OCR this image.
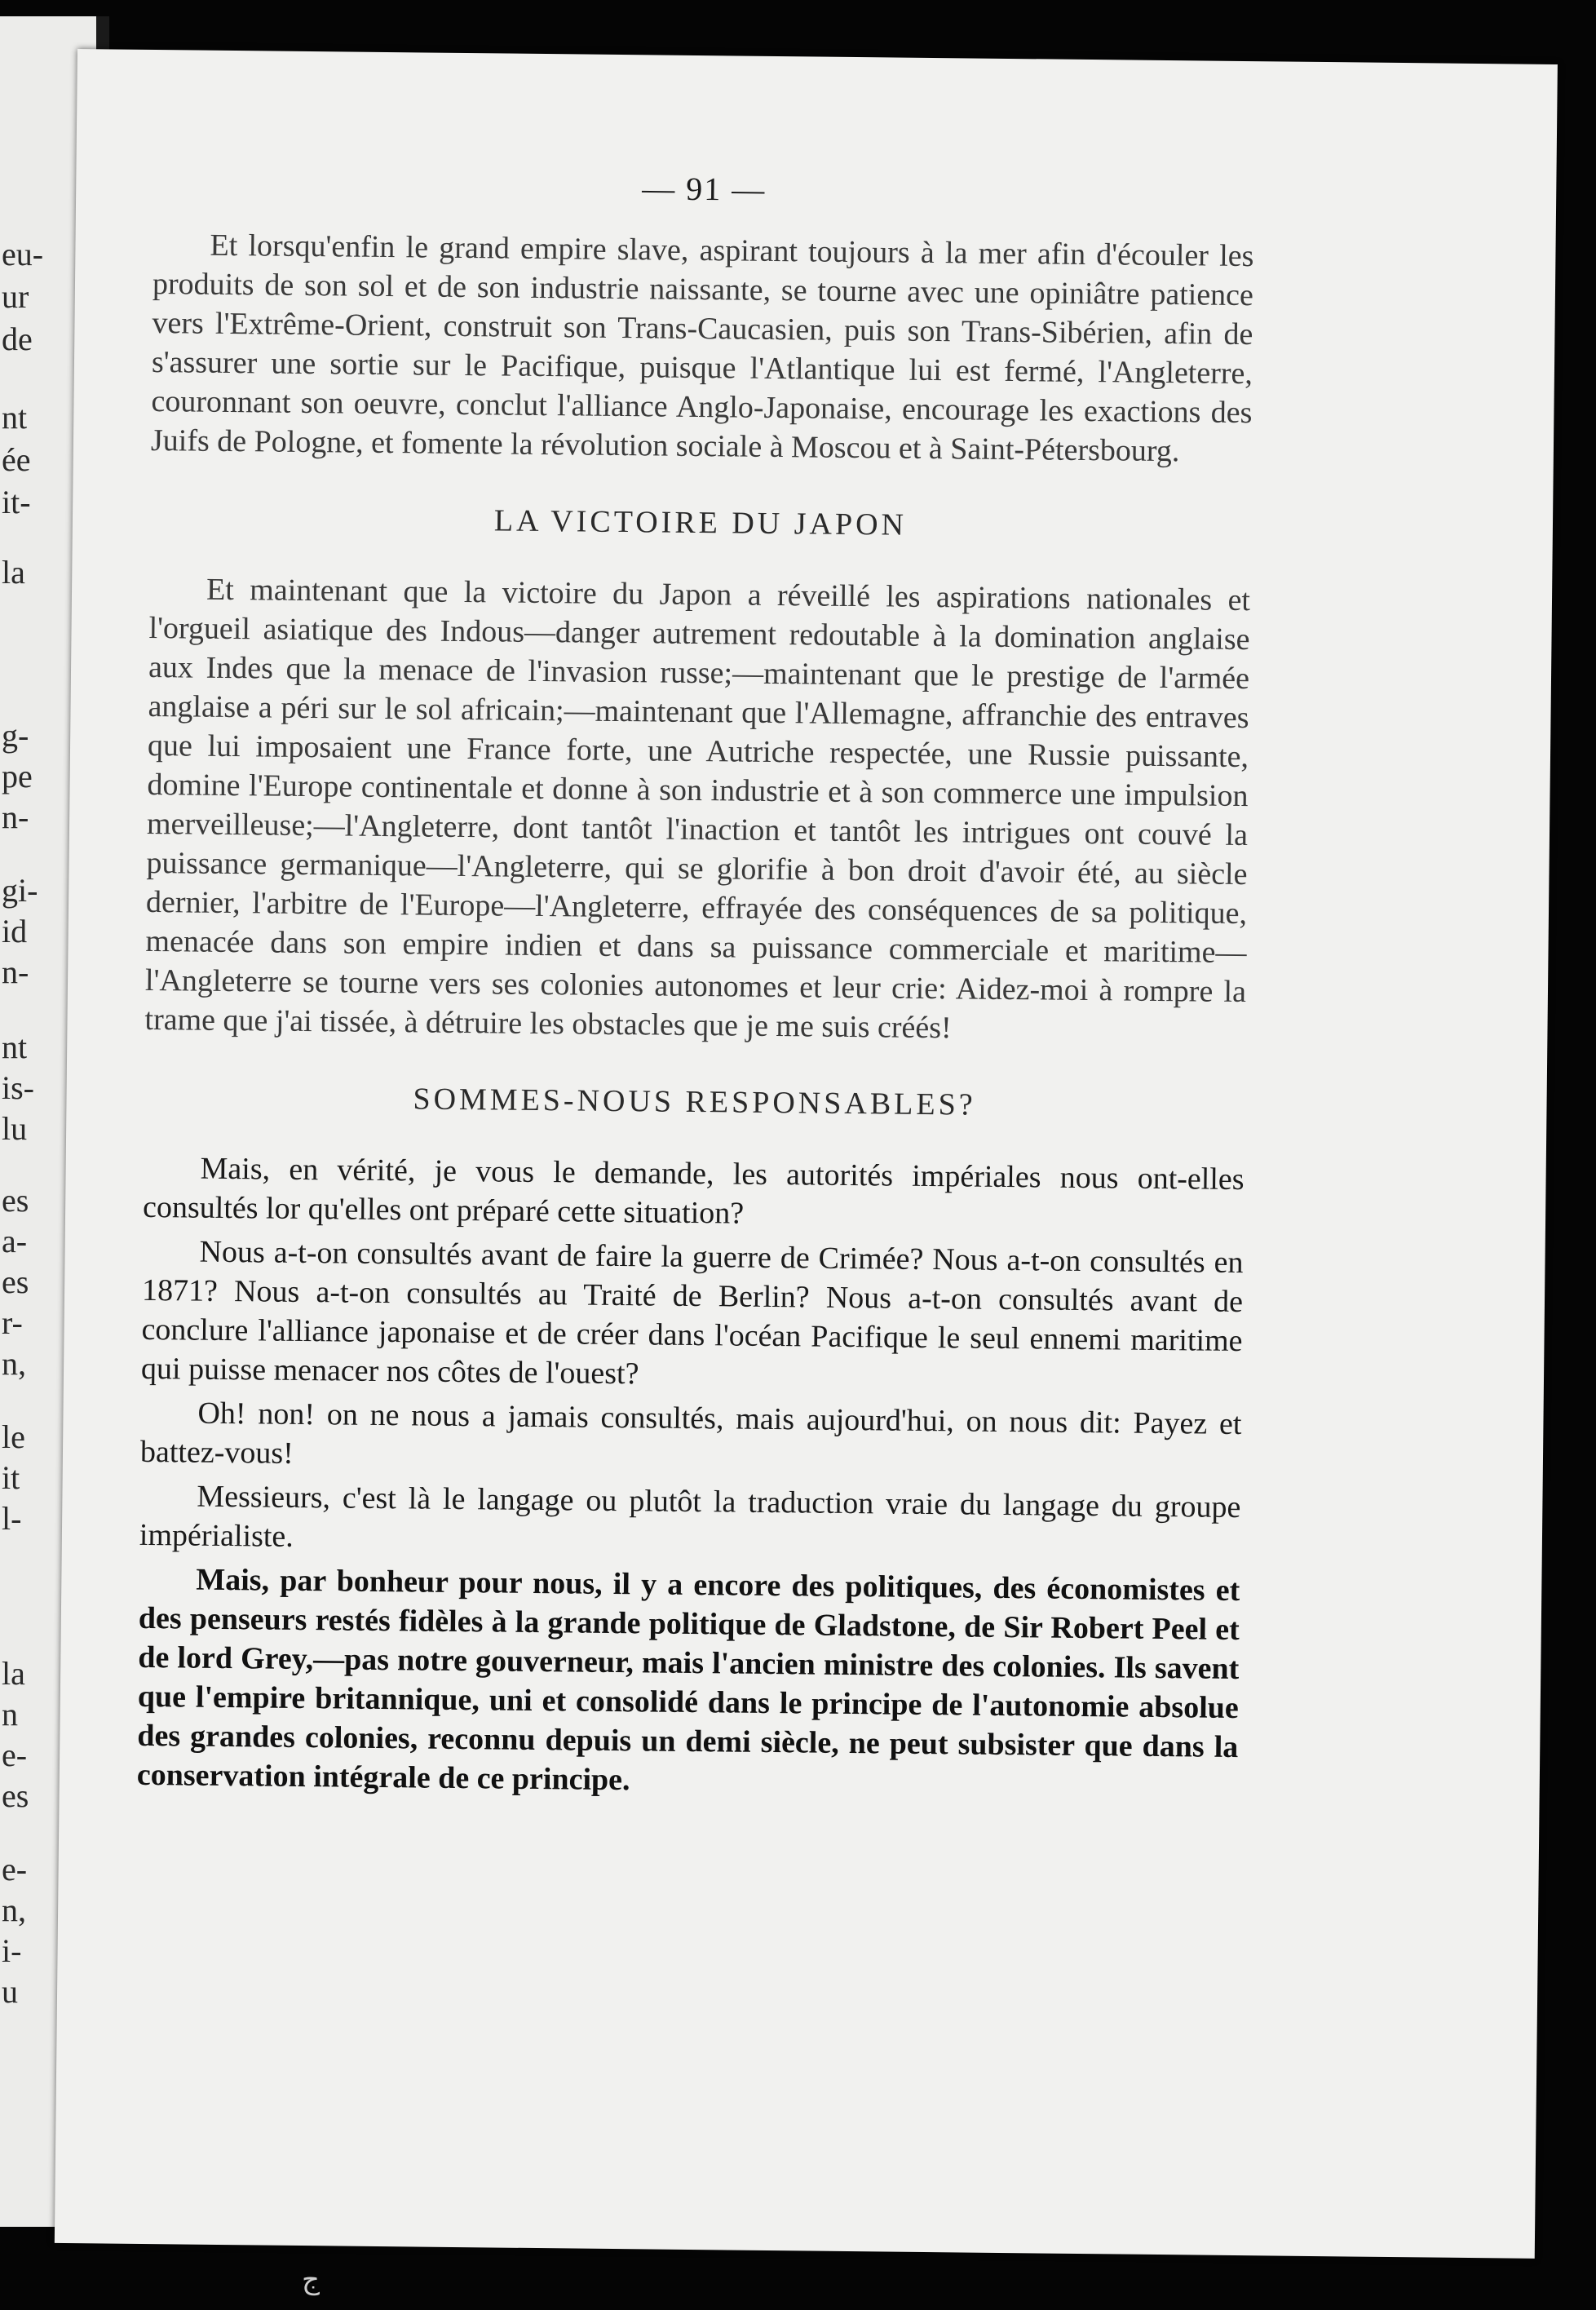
eu-
ur
de
nt
ée
it-
la
g-
pe
n-
gi-
id
n-
nt
is-
lu
es
a-
es
r-
n,
le
it
l-
la
n
e-
es
e-
n,
i-
u
— 91 —

Et lorsqu'enfin le grand empire slave, aspirant toujours à la mer afin d'écouler les produits de son sol et de son industrie naissante, se tourne avec une opiniâtre patience vers l'Extrême-Orient, construit son Trans-Caucasien, puis son Trans-Sibérien, afin de s'assurer une sortie sur le Pacifique, puisque l'Atlantique lui est fermé, l'Angleterre, couronnant son oeuvre, conclut l'alliance Anglo-Japonaise, encourage les exactions des Juifs de Pologne, et fomente la révolution sociale à Moscou et à Saint-Pétersbourg.

LA VICTOIRE DU JAPON

Et maintenant que la victoire du Japon a réveillé les aspirations nationales et l'orgueil asiatique des Indous—danger autrement redoutable à la domination anglaise aux Indes que la menace de l'invasion russe;—maintenant que le prestige de l'armée anglaise a péri sur le sol africain;—maintenant que l'Allemagne, affranchie des entraves que lui imposaient une France forte, une Autriche respectée, une Russie puissante, domine l'Europe continentale et donne à son industrie et à son commerce une impulsion merveilleuse;—l'Angleterre, dont tantôt l'inaction et tantôt les intrigues ont couvé la puissance germanique—l'Angleterre, qui se glorifie à bon droit d'avoir été, au siècle dernier, l'arbitre de l'Europe—l'Angleterre, effrayée des conséquences de sa politique, menacée dans son empire indien et dans sa puissance commerciale et maritime—l'Angleterre se tourne vers ses colonies autonomes et leur crie: Aidez-moi à rompre la trame que j'ai tissée, à détruire les obstacles que je me suis créés!

SOMMES-NOUS RESPONSABLES?

Mais, en vérité, je vous le demande, les autorités impériales nous ont-elles consultés lor qu'elles ont préparé cette situation?

Nous a-t-on consultés avant de faire la guerre de Crimée? Nous a-t-on consultés en 1871? Nous a-t-on consultés au Traité de Berlin? Nous a-t-on consultés avant de conclure l'alliance japonaise et de créer dans l'océan Pacifique le seul ennemi maritime qui puisse menacer nos côtes de l'ouest?

Oh! non! on ne nous a jamais consultés, mais aujourd'hui, on nous dit: Payez et battez-vous!

Messieurs, c'est là le langage ou plutôt la traduction vraie du langage du groupe impérialiste.

Mais, par bonheur pour nous, il y a encore des politiques, des économistes et des penseurs restés fidèles à la grande politique de Gladstone, de Sir Robert Peel et de lord Grey,—pas notre gouverneur, mais l'ancien ministre des colonies. Ils savent que l'empire britannique, uni et consolidé dans le principe de l'autonomie absolue des grandes colonies, reconnu depuis un demi siècle, ne peut subsister que dans la conservation intégrale de ce principe.

ج
